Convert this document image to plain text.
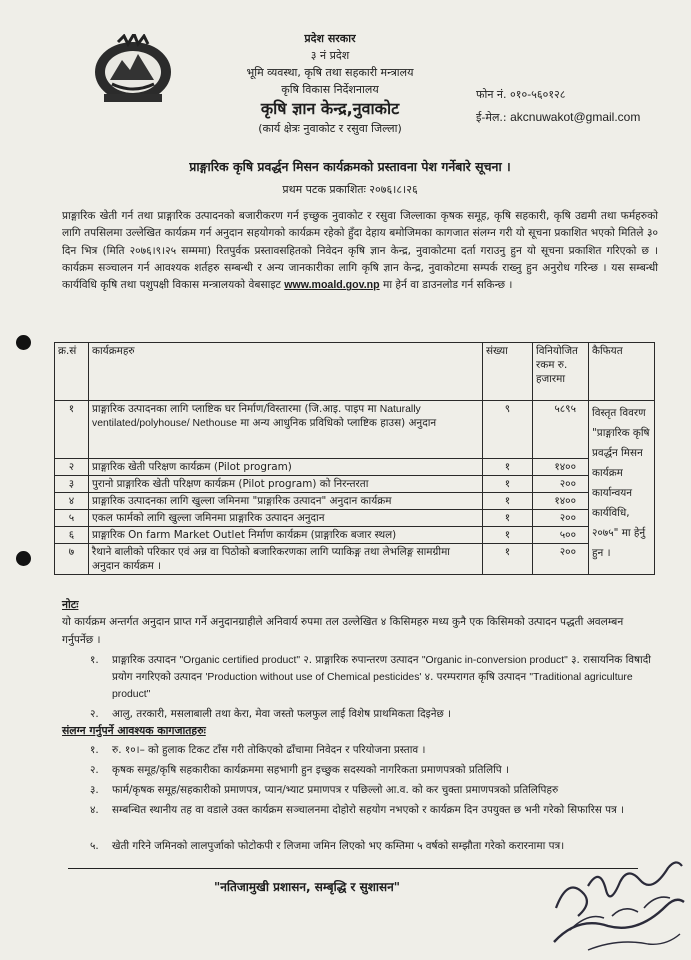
प्रदेश सरकार
३ नं प्रदेश
भूमि व्यवस्था, कृषि तथा सहकारी मन्त्रालय
कृषि विकास निर्देशनालय
कृषि ज्ञान केन्द्र,नुवाकोट
(कार्य क्षेत्रः नुवाकोट र रसुवा जिल्ला)
फोन नं. ०१०-५६०१२८
ई-मेल.: akcnuwakot@gmail.com
प्राङ्गारिक कृषि प्रवर्द्धन मिसन कार्यक्रमको प्रस्तावना पेश गर्नेबारे सूचना ।
प्रथम पटक प्रकाशितः २०७६।८।२६
प्राङ्गारिक खेती गर्न तथा प्राङ्गारिक उत्पादनको बजारीकरण गर्न इच्छुक नुवाकोट र रसुवा जिल्लाका कृषक समूह, कृषि सहकारी, कृषि उद्यमी तथा फर्महरुको लागि तपसिलमा उल्लेखित कार्यक्रम गर्न अनुदान सहयोगको कार्यक्रम रहेको हुँदा देहाय बमोजिमका कागजात संलग्न गरी यो सूचना प्रकाशित भएको मितिले ३० दिन भित्र (मिति २०७६।९।२५ सम्ममा) रितपुर्वक प्रस्तावसहितको निवेदन कृषि ज्ञान केन्द्र, नुवाकोटमा दर्ता गराउनु हुन यो सूचना प्रकाशित गरिएको छ । कार्यक्रम सञ्चालन गर्न आवश्यक शर्तहरु सम्बन्धी र अन्य जानकारीका लागि कृषि ज्ञान केन्द्र, नुवाकोटमा सम्पर्क राख्नु हुन अनुरोध गरिन्छ । यस सम्बन्धी कार्यविधि कृषि तथा पशुपक्षी विकास मन्त्रालयको वेबसाइट www.moald.gov.np मा हेर्न वा डाउनलोड गर्न सकिन्छ ।
क्र.सं	कार्यक्रमहरु	संख्या	विनियोजित रकम रु. हजारमा	कैफियत
१	प्राङ्गारिक उत्पादनका लागि प्लाष्टिक घर निर्माण/विस्तारमा (जि.आइ. पाइप मा Naturally ventilated/polyhouse/ Nethouse मा अन्य आधुनिक प्रविधिको प्लाष्टिक हाउस) अनुदान	९	५८९५	विस्तृत विवरण "प्राङ्गारिक कृषि प्रवर्द्धन मिसन कार्यक्रम कार्यान्वयन कार्यविधि, २०७५" मा हेर्नु हुन ।
२	प्राङ्गारिक खेती परिक्षण कार्यक्रम (Pilot program)	१	१४००	
३	पुरानो प्राङ्गारिक खेती परिक्षण कार्यक्रम (Pilot program) को निरन्तरता	१	२००	
४	प्राङ्गारिक उत्पादनका लागि खुल्ला जमिनमा "प्राङ्गारिक उत्पादन" अनुदान कार्यक्रम	१	१४००	
५	एकल फार्मको लागि खुल्ला जमिनमा प्राङ्गारिक उत्पादन अनुदान	१	२००	
६	प्राङ्गारिक On farm Market Outlet निर्माण कार्यक्रम (प्राङ्गारिक बजार स्थल)	१	५००	
७	रैथाने बालीको परिकार एवं अन्न वा पिठोको बजारिकरणका लागि प्याकिङ्ग तथा लेभलिङ्ग सामग्रीमा अनुदान कार्यक्रम ।	१	२००	
नोटः
यो कार्यक्रम अन्तर्गत अनुदान प्राप्त गर्ने अनुदानग्राहीले अनिवार्य रुपमा तल उल्लेखित ४ किसिमहरु मध्य कुनै एक किसिमको उत्पादन पद्धती अवलम्बन गर्नुपर्नेछ ।
१. प्राङ्गारिक उत्पादन "Organic certified product" २. प्राङ्गारिक रुपान्तरण उत्पादन "Organic in-conversion product" ३. रासायनिक विषादी प्रयोग नगरिएको उत्पादन 'Production without use of Chemical pesticides' ४. परम्परागत कृषि उत्पादन "Traditional agriculture product"
२. आलु, तरकारी, मसलाबाली तथा केरा, मेवा जस्तो फलफुल लाई विशेष प्राथमिकता दिइनेछ ।
संलग्न गर्नुपर्ने आवश्यक कागजातहरुः
१. रु. १०।– को हुलाक टिकट टाँस गरी तोकिएको ढाँचामा निवेदन र परियोजना प्रस्ताव ।
२. कृषक समूह/कृषि सहकारीका कार्यक्रममा सहभागी हुन इच्छुक सदस्यको नागरिकता प्रमाणपत्रको प्रतिलिपि ।
३. फार्म/कृषक समूह/सहकारीको प्रमाणपत्र, प्यान/भ्याट प्रमाणपत्र र पछिल्लो आ.व. को कर चुक्ता प्रमाणपत्रको प्रतिलिपिहरु
४. सम्बन्धित स्थानीय तह वा वडाले उक्त कार्यक्रम सञ्चालनमा दोहोरो सहयोग नभएको र कार्यक्रम दिन उपयुक्त छ भनी गरेको सिफारिस पत्र ।
५. खेती गरिने जमिनको लालपुर्जाको फोटोकपी र लिजमा जमिन लिएको भए कम्तिमा ५ वर्षको सम्झौता गरेको करारनामा पत्र।
"नतिजामुखी प्रशासन, सम्बृद्धि र सुशासन"
